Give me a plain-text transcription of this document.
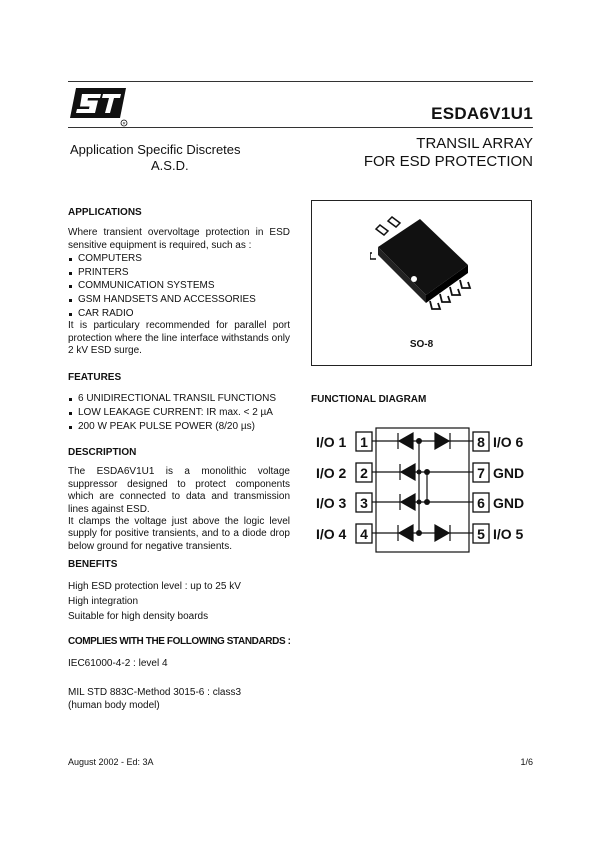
R
ESDA6V1U1
TRANSIL ARRAY
FOR ESD PROTECTION
Application Specific Discretes
A.S.D.

APPLICATIONS

Where transient overvoltage protection in ESD sensitive equipment is required, such as :

COMPUTERS
PRINTERS
COMMUNICATION SYSTEMS
GSM HANDSETS AND ACCESSORIES
CAR RADIO

It is particulary recommended for parallel port protection where the line interface withstands only 2 kV ESD surge.

FEATURES

6 UNIDIRECTIONAL TRANSIL FUNCTIONS
LOW LEAKAGE CURRENT: IR max. < 2 µA
200 W PEAK PULSE POWER (8/20 µs)

DESCRIPTION

The ESDA6V1U1 is a monolithic voltage suppressor designed to protect components which are connected to data and transmission lines against ESD.

It clamps the voltage just above the logic level supply for positive transients, and to a diode drop below ground for negative transients.

BENEFITS

High ESD protection level : up to 25 kV

High integration

Suitable for high density boards

COMPLIES WITH THE FOLLOWING STANDARDS :

IEC61000-4-2 : level 4

MIL STD 883C-Method 3015-6 : class3

(human body model)

SO-8
FUNCTIONAL DIAGRAM
I/O 1
I/O 2
I/O 3
I/O 4
I/O 6
GND
GND
I/O 5
1
2
3
4
8
7
6
5
August 2002 - Ed: 3A	1/6
